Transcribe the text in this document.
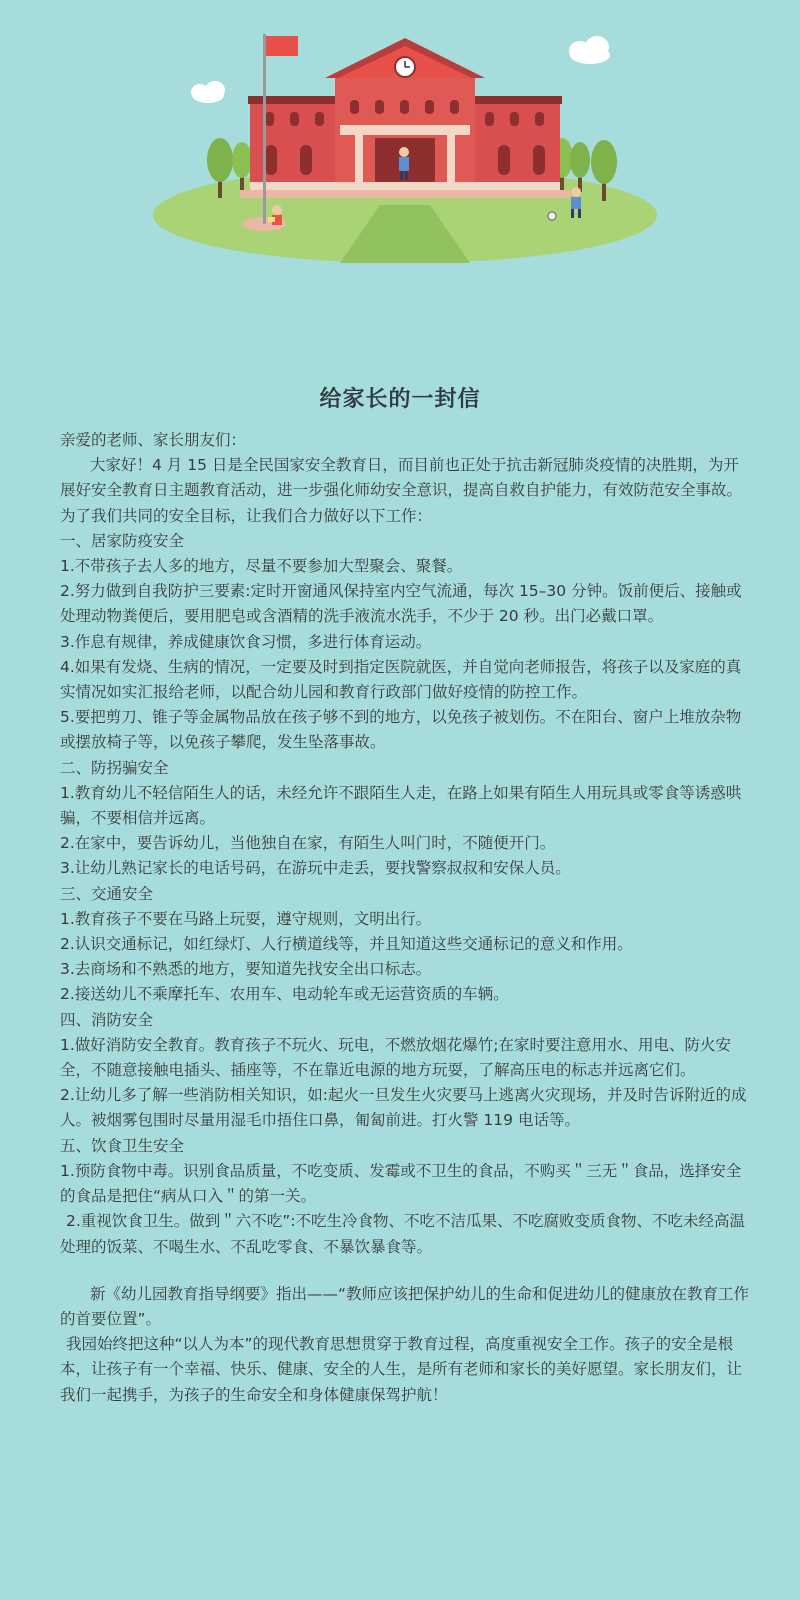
给家长的一封信

亲爱的老师、家长朋友们：

大家好！4 月 15 日是全民国家安全教育日，而目前也正处于抗击新冠肺炎疫情的决胜期，为开展好安全教育日主题教育活动，进一步强化师幼安全意识，提高自救自护能力，有效防范安全事故。为了我们共同的安全目标，让我们合力做好以下工作：

一、居家防疫安全

1.不带孩子去人多的地方，尽量不要参加大型聚会、聚餐。

2.努力做到自我防护三要素:定时开窗通风保持室内空气流通，每次 15–30 分钟。饭前便后、接触或处理动物粪便后，要用肥皂或含酒精的洗手液流水洗手，不少于 20 秒。出门必戴口罩。

3.作息有规律，养成健康饮食习惯，多进行体育运动。

4.如果有发烧、生病的情况，一定要及时到指定医院就医，并自觉向老师报告，将孩子以及家庭的真实情况如实汇报给老师，以配合幼儿园和教育行政部门做好疫情的防控工作。

5.要把剪刀、锥子等金属物品放在孩子够不到的地方，以免孩子被划伤。不在阳台、窗户上堆放杂物或摆放椅子等，以免孩子攀爬，发生坠落事故。

二、防拐骗安全

1.教育幼儿不轻信陌生人的话，未经允许不跟陌生人走，在路上如果有陌生人用玩具或零食等诱惑哄骗，不要相信并远离。

2.在家中，要告诉幼儿，当他独自在家，有陌生人叫门时，不随便开门。

3.让幼儿熟记家长的电话号码，在游玩中走丢，要找警察叔叔和安保人员。

三、交通安全

1.教育孩子不要在马路上玩耍，遵守规则，文明出行。

2.认识交通标记，如红绿灯、人行横道线等，并且知道这些交通标记的意义和作用。

3.去商场和不熟悉的地方，要知道先找安全出口标志。

2.接送幼儿不乘摩托车、农用车、电动轮车或无运营资质的车辆。

四、消防安全

1.做好消防安全教育。教育孩子不玩火、玩电，不燃放烟花爆竹;在家时要注意用水、用电、防火安全，不随意接触电插头、插座等，不在靠近电源的地方玩耍，了解高压电的标志并远离它们。

2.让幼儿多了解一些消防相关知识，如:起火一旦发生火灾要马上逃离火灾现场，并及时告诉附近的成人。被烟雾包围时尽量用湿毛巾捂住口鼻，匍匐前进。打火警 119 电话等。

五、饮食卫生安全

1.预防食物中毒。识别食品质量，不吃变质、发霉或不卫生的食品，不购买＂三无＂食品，选择安全的食品是把住“病从口入＂的第一关。

2.重视饮食卫生。做到＂六不吃”:不吃生冷食物、不吃不洁瓜果、不吃腐败变质食物、不吃未经高温处理的饭菜、不喝生水、不乱吃零食、不暴饮暴食等。

新《幼儿园教育指导纲要》指出——“教师应该把保护幼儿的生命和促进幼儿的健康放在教育工作的首要位置”。

我园始终把这种“以人为本”的现代教育思想贯穿于教育过程，高度重视安全工作。孩子的安全是根本，让孩子有一个幸福、快乐、健康、安全的人生，是所有老师和家长的美好愿望。家长朋友们，让我们一起携手，为孩子的生命安全和身体健康保驾护航！
